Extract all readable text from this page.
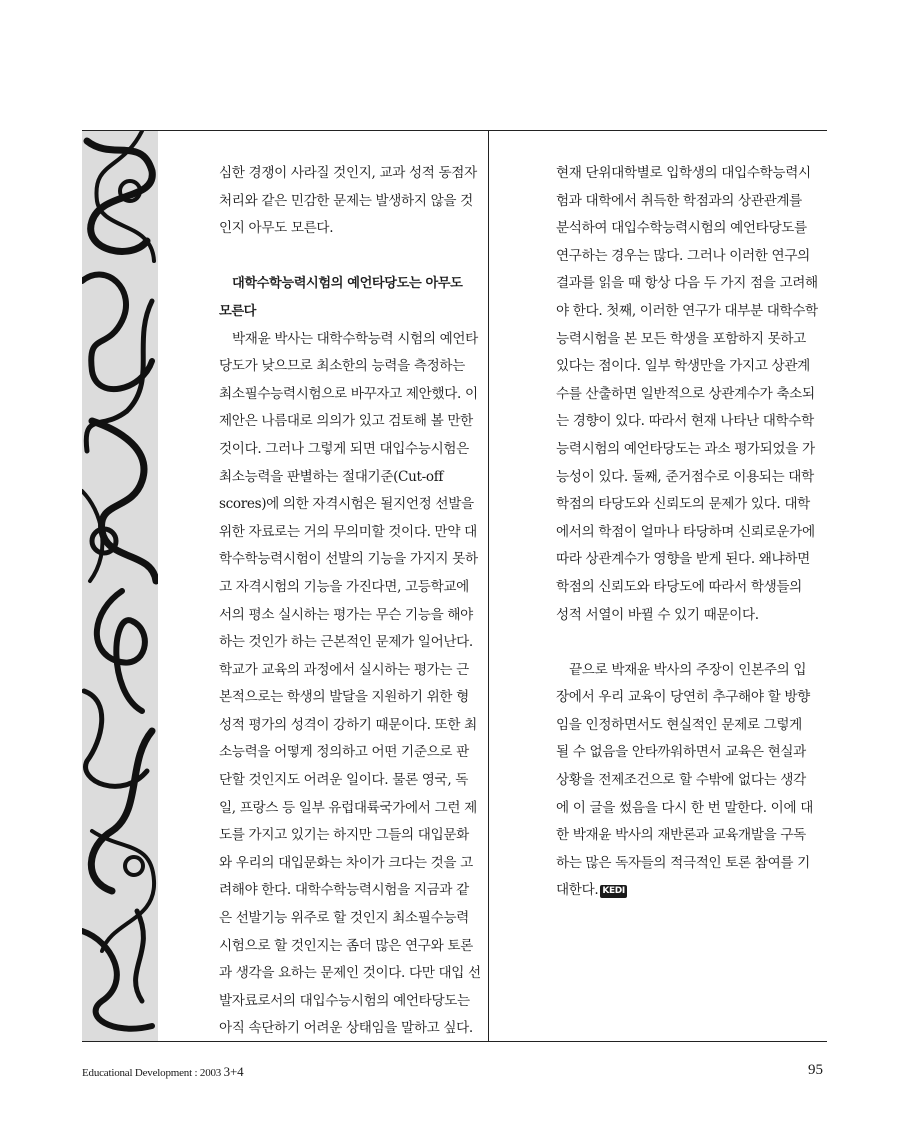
심한 경쟁이 사라질 것인지, 교과 성적 동점자
처리와 같은 민감한 문제는 발생하지 않을 것
인지 아무도 모른다.
대학수학능력시험의 예언타당도는 아무도
모른다
박재윤 박사는 대학수학능력 시험의 예언타
당도가 낮으므로 최소한의 능력을 측정하는
최소필수능력시험으로 바꾸자고 제안했다. 이
제안은 나름대로 의의가 있고 검토해 볼 만한
것이다. 그러나 그렇게 되면 대입수능시험은
최소능력을 판별하는 절대기준(Cut-off
scores)에 의한 자격시험은 될지언정 선발을
위한 자료로는 거의 무의미할 것이다. 만약 대
학수학능력시험이 선발의 기능을 가지지 못하
고 자격시험의 기능을 가진다면, 고등학교에
서의 평소 실시하는 평가는 무슨 기능을 해야
하는 것인가 하는 근본적인 문제가 일어난다.
학교가 교육의 과정에서 실시하는 평가는 근
본적으로는 학생의 발달을 지원하기 위한 형
성적 평가의 성격이 강하기 때문이다. 또한 최
소능력을 어떻게 정의하고 어떤 기준으로 판
단할 것인지도 어려운 일이다. 물론 영국, 독
일, 프랑스 등 일부 유럽대륙국가에서 그런 제
도를 가지고 있기는 하지만 그들의 대입문화
와 우리의 대입문화는 차이가 크다는 것을 고
려해야 한다. 대학수학능력시험을 지금과 같
은 선발기능 위주로 할 것인지 최소필수능력
시험으로 할 것인지는 좀더 많은 연구와 토론
과 생각을 요하는 문제인 것이다. 다만 대입 선
발자료로서의 대입수능시험의 예언타당도는
아직 속단하기 어려운 상태임을 말하고 싶다.
현재 단위대학별로 입학생의 대입수학능력시
험과 대학에서 취득한 학점과의 상관관계를
분석하여 대입수학능력시험의 예언타당도를
연구하는 경우는 많다. 그러나 이러한 연구의
결과를 읽을 때 항상 다음 두 가지 점을 고려해
야 한다. 첫째, 이러한 연구가 대부분 대학수학
능력시험을 본 모든 학생을 포함하지 못하고
있다는 점이다. 일부 학생만을 가지고 상관계
수를 산출하면 일반적으로 상관계수가 축소되
는 경향이 있다. 따라서 현재 나타난 대학수학
능력시험의 예언타당도는 과소 평가되었을 가
능성이 있다. 둘째, 준거점수로 이용되는 대학
학점의 타당도와 신뢰도의 문제가 있다. 대학
에서의 학점이 얼마나 타당하며 신뢰로운가에
따라 상관계수가 영향을 받게 된다. 왜냐하면
학점의 신뢰도와 타당도에 따라서 학생들의
성적 서열이 바뀔 수 있기 때문이다.
끝으로 박재윤 박사의 주장이 인본주의 입
장에서 우리 교육이 당연히 추구해야 할 방향
임을 인정하면서도 현실적인 문제로 그렇게
될 수 없음을 안타까워하면서 교육은 현실과
상황을 전제조건으로 할 수밖에 없다는 생각
에 이 글을 썼음을 다시 한 번 말한다. 이에 대
한 박재윤 박사의 재반론과 교육개발을 구독
하는 많은 독자들의 적극적인 토론 참여를 기
대한다. KEDI
Educational Development : 2003 3+4	95
